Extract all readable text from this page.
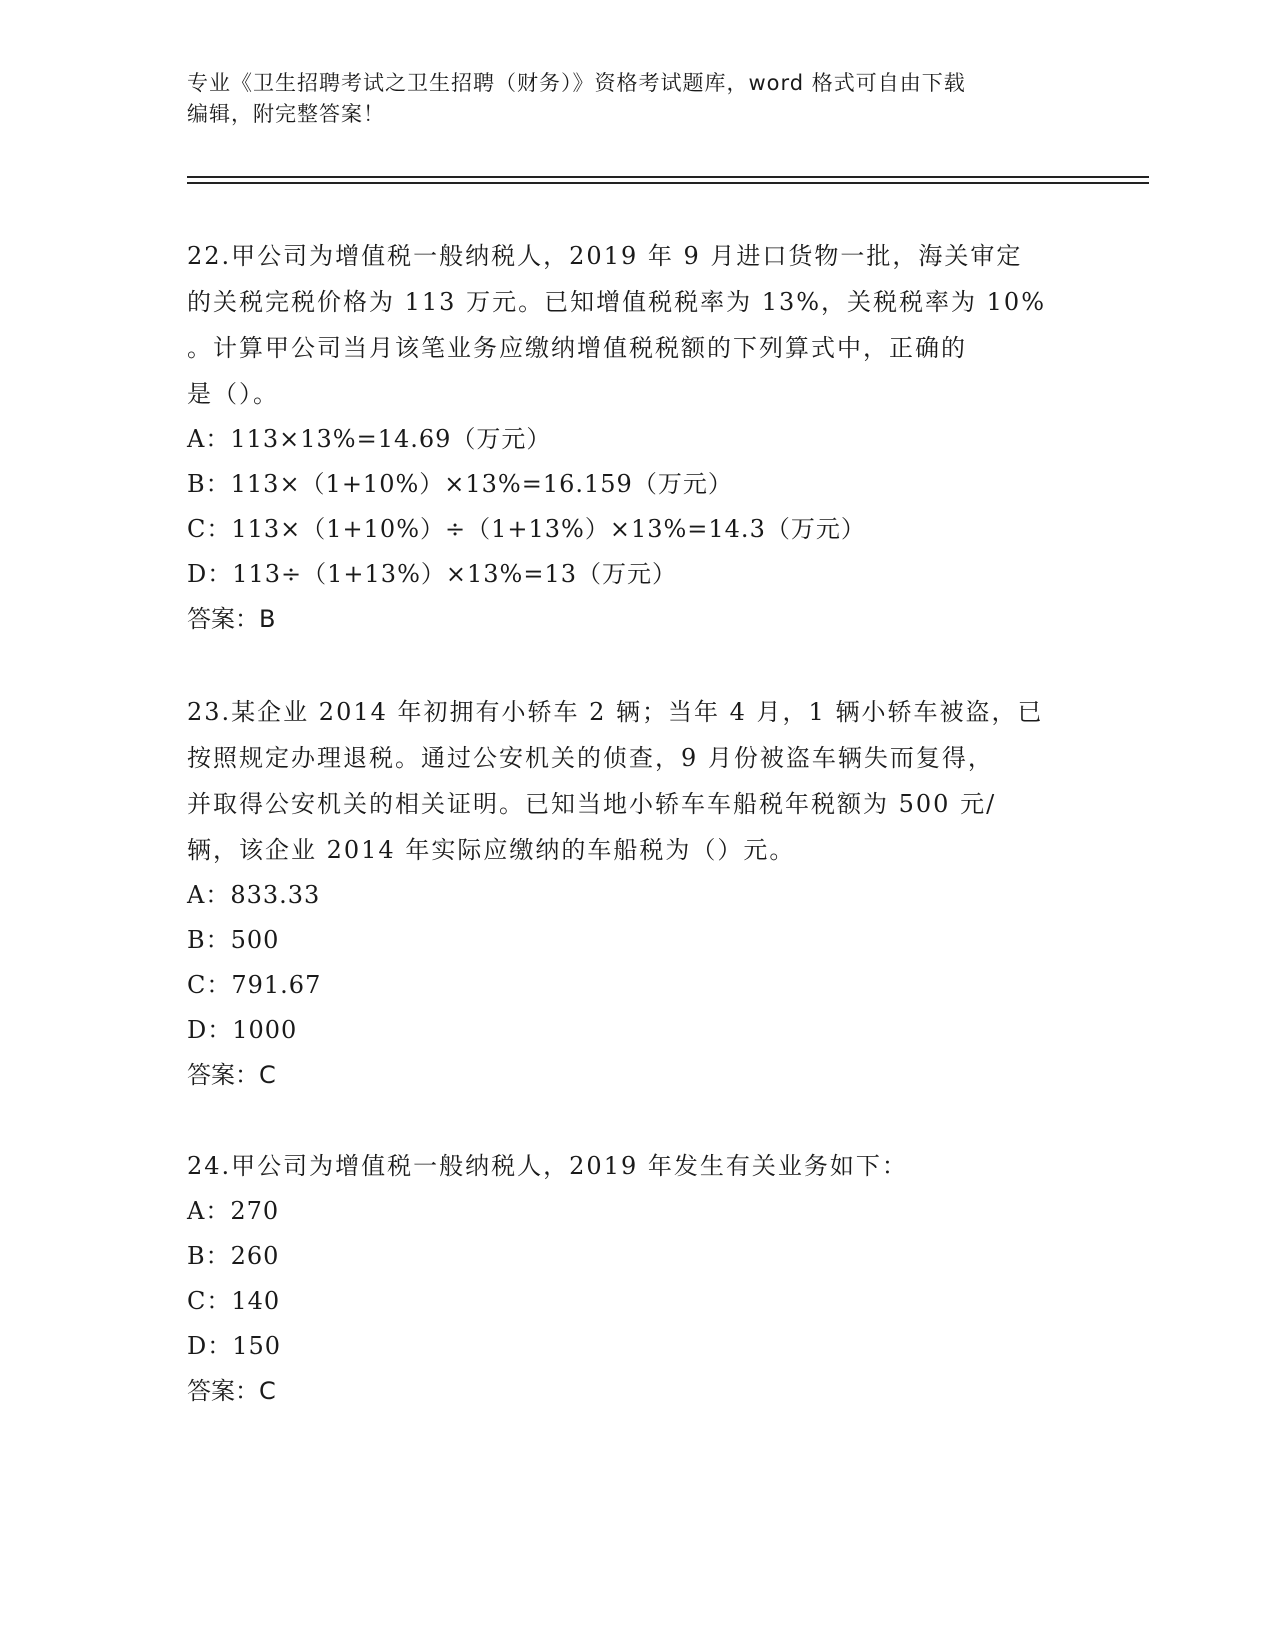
专业《卫生招聘考试之卫生招聘（财务）》资格考试题库，word 格式可自由下载
编辑，附完整答案！
22.甲公司为增值税一般纳税人，2019 年 9 月进口货物一批，海关审定
的关税完税价格为 113 万元。已知增值税税率为 13%，关税税率为 10%
。计算甲公司当月该笔业务应缴纳增值税税额的下列算式中，正确的
是（）。
A：113×13%=14.69（万元）
B：113×（1+10%）×13%=16.159（万元）
C：113×（1+10%）÷（1+13%）×13%=14.3（万元）
D：113÷（1+13%）×13%=13（万元）
答案：B
23.某企业 2014 年初拥有小轿车 2 辆；当年 4 月，1 辆小轿车被盗，已
按照规定办理退税。通过公安机关的侦查，9 月份被盗车辆失而复得，
并取得公安机关的相关证明。已知当地小轿车车船税年税额为 500 元/
辆，该企业 2014 年实际应缴纳的车船税为（）元。
A：833.33
B：500
C：791.67
D：1000
答案：C
24.甲公司为增值税一般纳税人，2019 年发生有关业务如下：
A：270
B：260
C：140
D：150
答案：C
